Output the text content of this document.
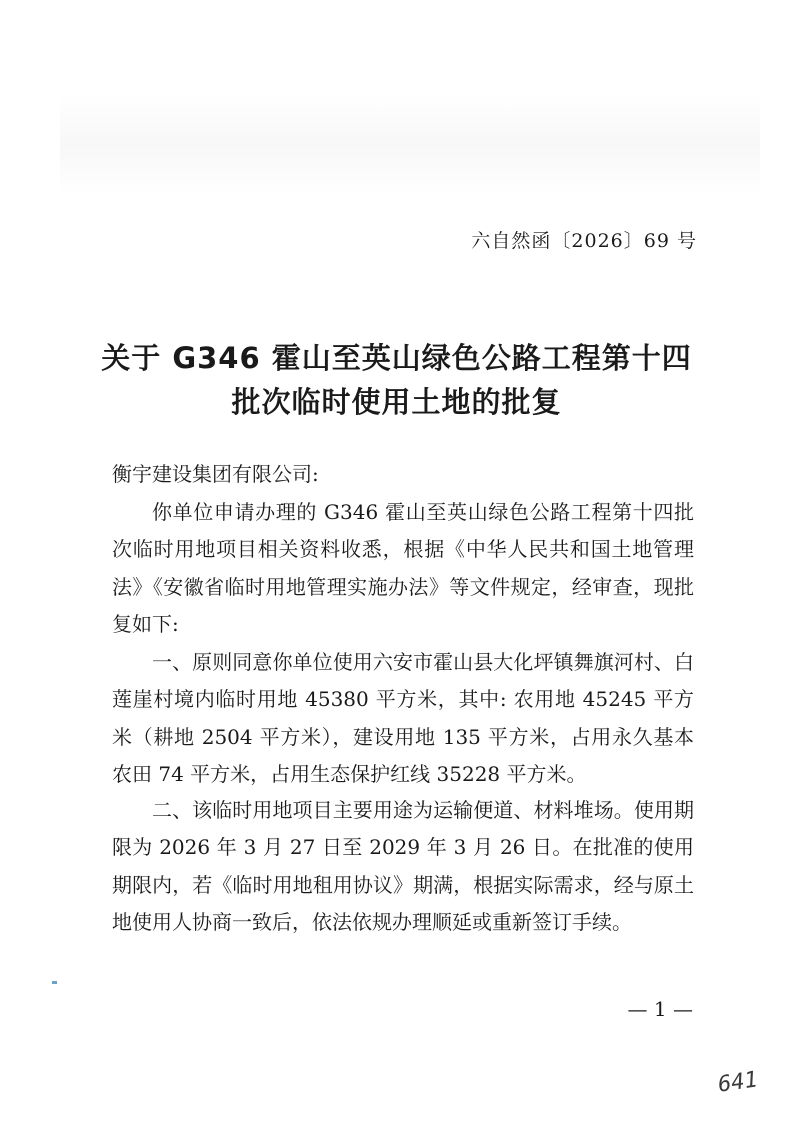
六自然函〔2026〕69 号
关于 G346 霍山至英山绿色公路工程第十四
批次临时使用土地的批复
衡宇建设集团有限公司:

你单位申请办理的 G346 霍山至英山绿色公路工程第十四批次临时用地项目相关资料收悉，根据《中华人民共和国土地管理法》《安徽省临时用地管理实施办法》等文件规定，经审查，现批复如下:

一、原则同意你单位使用六安市霍山县大化坪镇舞旗河村、白莲崖村境内临时用地 45380 平方米，其中: 农用地 45245 平方米（耕地 2504 平方米），建设用地 135 平方米，占用永久基本农田 74 平方米，占用生态保护红线 35228 平方米。

二、该临时用地项目主要用途为运输便道、材料堆场。使用期限为 2026 年 3 月 27 日至 2029 年 3 月 26 日。在批准的使用期限内，若《临时用地租用协议》期满，根据实际需求，经与原土地使用人协商一致后，依法依规办理顺延或重新签订手续。

— 1 —
641
